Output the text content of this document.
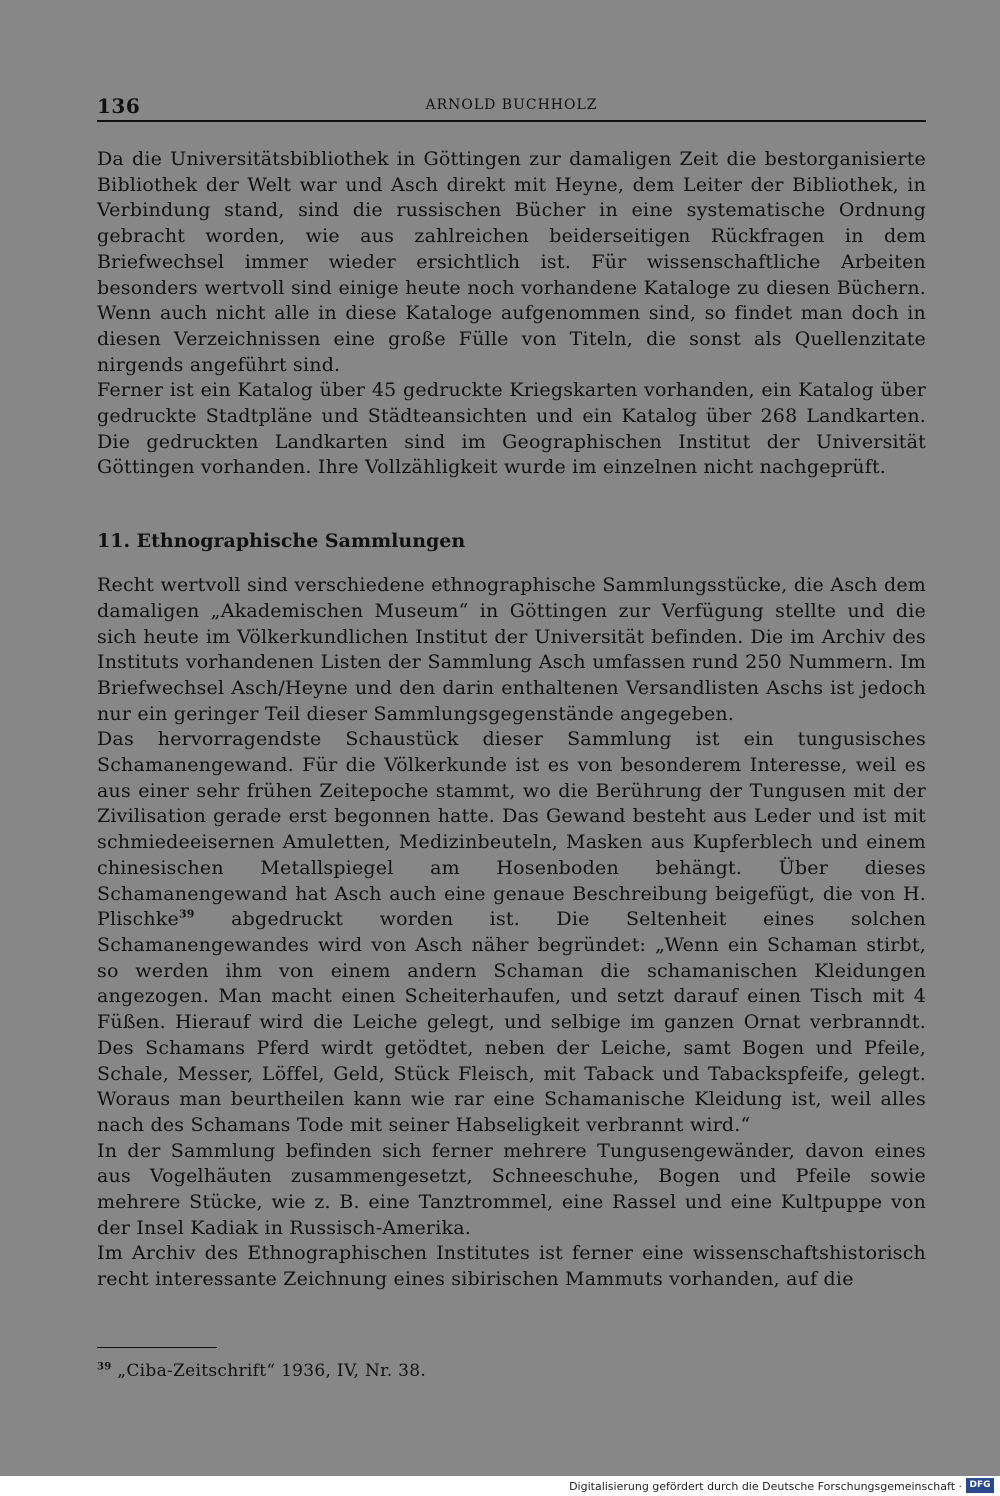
136	ARNOLD BUCHHOLZ

Da die Universitätsbibliothek in Göttingen zur damaligen Zeit die bestorganisierte Bibliothek der Welt war und Asch direkt mit Heyne, dem Leiter der Bibliothek, in Verbindung stand, sind die russischen Bücher in eine systematische Ordnung gebracht worden, wie aus zahlreichen beiderseitigen Rückfragen in dem Briefwechsel immer wieder ersichtlich ist. Für wissenschaftliche Arbeiten besonders wertvoll sind einige heute noch vorhandene Kataloge zu diesen Büchern. Wenn auch nicht alle in diese Kataloge aufgenommen sind, so findet man doch in diesen Verzeichnissen eine große Fülle von Titeln, die sonst als Quellenzitate nirgends angeführt sind.

Ferner ist ein Katalog über 45 gedruckte Kriegskarten vorhanden, ein Katalog über gedruckte Stadtpläne und Städteansichten und ein Katalog über 268 Landkarten. Die gedruckten Landkarten sind im Geographischen Institut der Universität Göttingen vorhanden. Ihre Vollzähligkeit wurde im einzelnen nicht nachgeprüft.

11. Ethnographische Sammlungen

Recht wertvoll sind verschiedene ethnographische Sammlungsstücke, die Asch dem damaligen „Akademischen Museum“ in Göttingen zur Verfügung stellte und die sich heute im Völkerkundlichen Institut der Universität befinden. Die im Archiv des Instituts vorhandenen Listen der Sammlung Asch umfassen rund 250 Nummern. Im Briefwechsel Asch/Heyne und den darin enthaltenen Versandlisten Aschs ist jedoch nur ein geringer Teil dieser Sammlungsgegenstände angegeben.

Das hervorragendste Schaustück dieser Sammlung ist ein tungusisches Schamanengewand. Für die Völkerkunde ist es von besonderem Interesse, weil es aus einer sehr frühen Zeitepoche stammt, wo die Berührung der Tungusen mit der Zivilisation gerade erst begonnen hatte. Das Gewand besteht aus Leder und ist mit schmiedeeisernen Amuletten, Medizinbeuteln, Masken aus Kupferblech und einem chinesischen Metallspiegel am Hosenboden behängt. Über dieses Schamanengewand hat Asch auch eine genaue Beschreibung beigefügt, die von H. Plischke$^{39}$ abgedruckt worden ist. Die Seltenheit eines solchen Schamanengewandes wird von Asch näher begründet: „Wenn ein Schaman stirbt, so werden ihm von einem andern Schaman die schamanischen Kleidungen angezogen. Man macht einen Scheiterhaufen, und setzt darauf einen Tisch mit 4 Füßen. Hierauf wird die Leiche gelegt, und selbige im ganzen Ornat verbranndt. Des Schamans Pferd wirdt getödtet, neben der Leiche, samt Bogen und Pfeile, Schale, Messer, Löffel, Geld, Stück Fleisch, mit Taback und Tabackspfeife, gelegt. Woraus man beurtheilen kann wie rar eine Schamanische Kleidung ist, weil alles nach des Schamans Tode mit seiner Habseligkeit verbrannt wird.“

In der Sammlung befinden sich ferner mehrere Tungusengewänder, davon eines aus Vogelhäuten zusammengesetzt, Schneeschuhe, Bogen und Pfeile sowie mehrere Stücke, wie z. B. eine Tanztrommel, eine Rassel und eine Kultpuppe von der Insel Kadiak in Russisch-Amerika.

Im Archiv des Ethnographischen Institutes ist ferner eine wissenschaftshistorisch recht interessante Zeichnung eines sibirischen Mammuts vorhanden, auf die

$^{39}$ „Ciba-Zeitschrift“ 1936, IV, Nr. 38.
Digitalisierung gefördert durch die Deutsche Forschungsgemeinschaft · DFG
